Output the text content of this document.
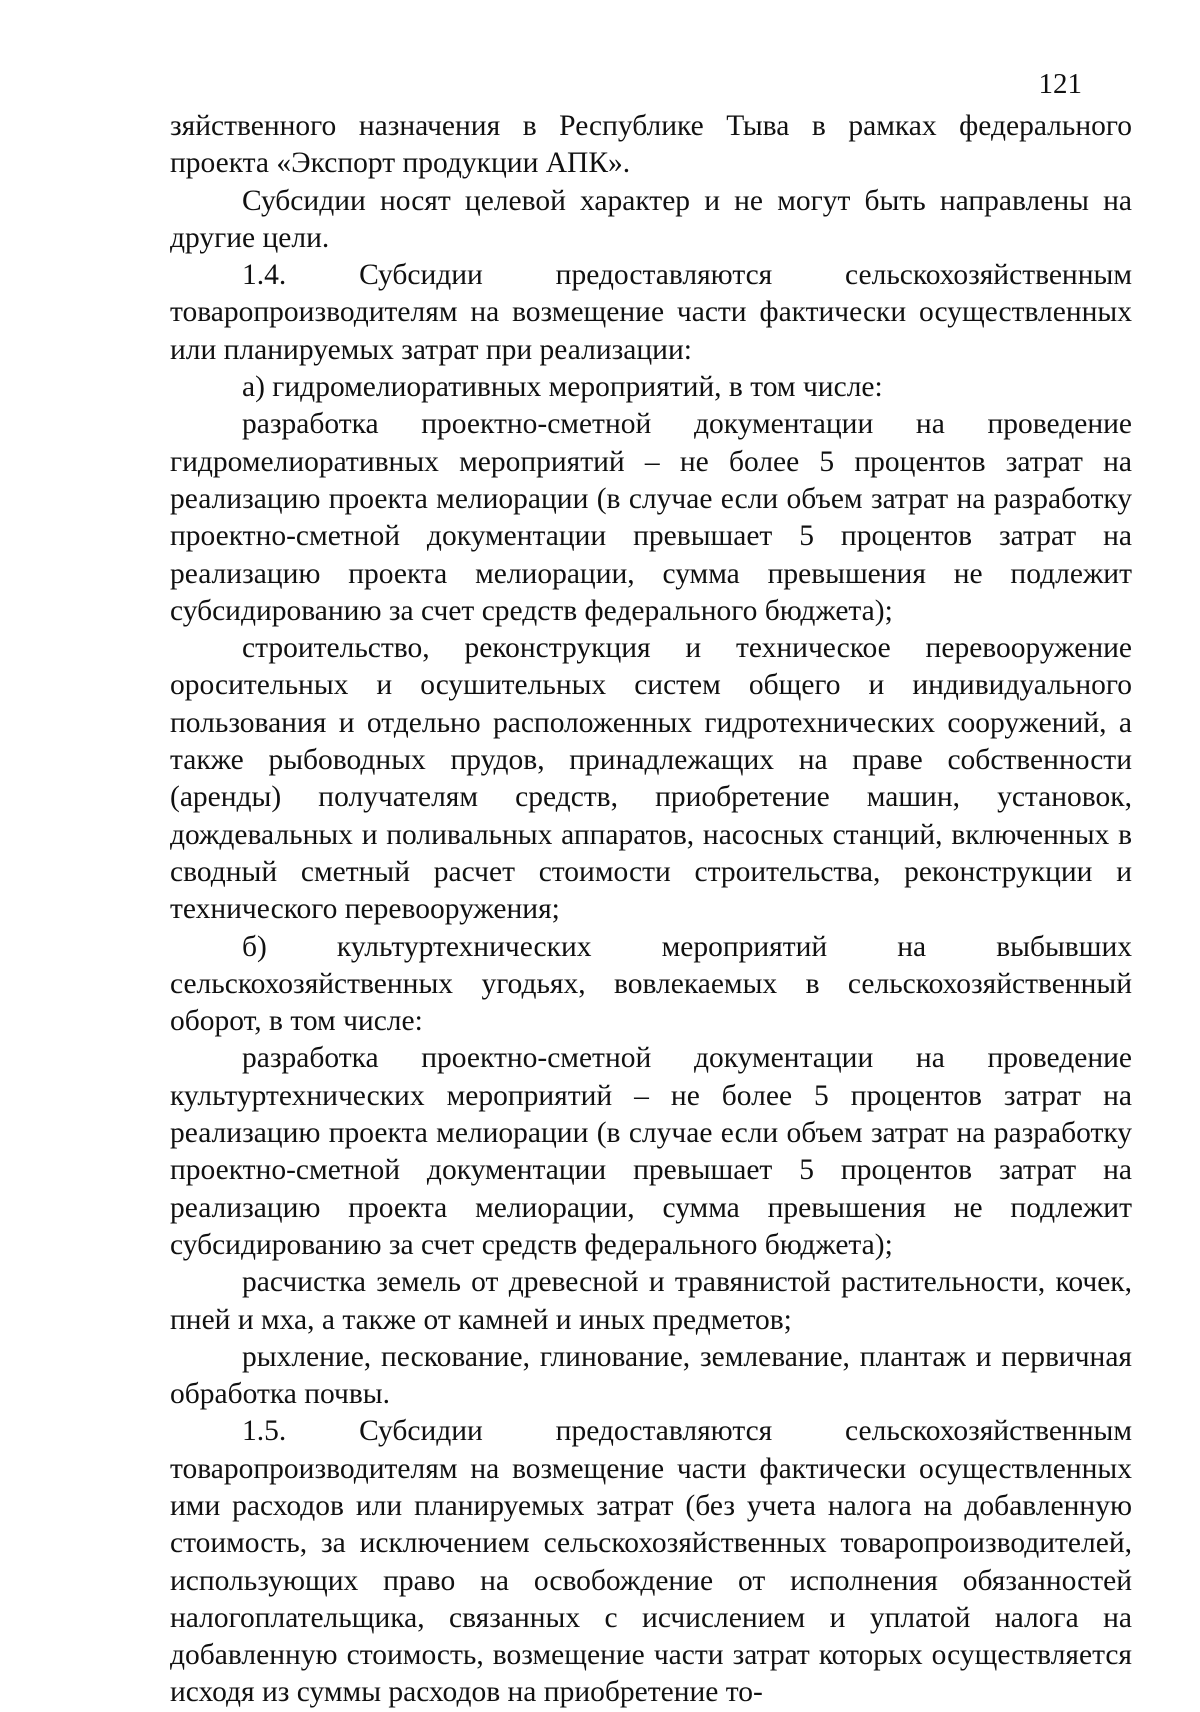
121

зяйственного назначения в Республике Тыва в рамках федерального проекта «Экспорт продукции АПК».

Субсидии носят целевой характер и не могут быть направлены на другие цели.

1.4. Субсидии предоставляются сельскохозяйственным товаропроизводителям на возмещение части фактически осуществленных или планируемых затрат при реализации:

а) гидромелиоративных мероприятий, в том числе:

разработка проектно-сметной документации на проведение гидромелиоративных мероприятий – не более 5 процентов затрат на реализацию проекта мелиорации (в случае если объем затрат на разработку проектно-сметной документации превышает 5 процентов затрат на реализацию проекта мелиорации, сумма превышения не подлежит субсидированию за счет средств федерального бюджета);

строительство, реконструкция и техническое перевооружение оросительных и осушительных систем общего и индивидуального пользования и отдельно расположенных гидротехнических сооружений, а также рыбоводных прудов, принадлежащих на праве собственности (аренды) получателям средств, приобретение машин, установок, дождевальных и поливальных аппаратов, насосных станций, включенных в сводный сметный расчет стоимости строительства, реконструкции и технического перевооружения;

б) культуртехнических мероприятий на выбывших сельскохозяйственных угодьях, вовлекаемых в сельскохозяйственный оборот, в том числе:

разработка проектно-сметной документации на проведение культуртехнических мероприятий – не более 5 процентов затрат на реализацию проекта мелиорации (в случае если объем затрат на разработку проектно-сметной документации превышает 5 процентов затрат на реализацию проекта мелиорации, сумма превышения не подлежит субсидированию за счет средств федерального бюджета);

расчистка земель от древесной и травянистой растительности, кочек, пней и мха, а также от камней и иных предметов;

рыхление, пескование, глинование, землевание, плантаж и первичная обработка почвы.

1.5. Субсидии предоставляются сельскохозяйственным товаропроизводителям на возмещение части фактически осуществленных ими расходов или планируемых затрат (без учета налога на добавленную стоимость, за исключением сельскохозяйственных товаропроизводителей, использующих право на освобождение от исполнения обязанностей налогоплательщика, связанных с исчислением и уплатой налога на добавленную стоимость, возмещение части затрат которых осуществляется исходя из суммы расходов на приобретение то-
